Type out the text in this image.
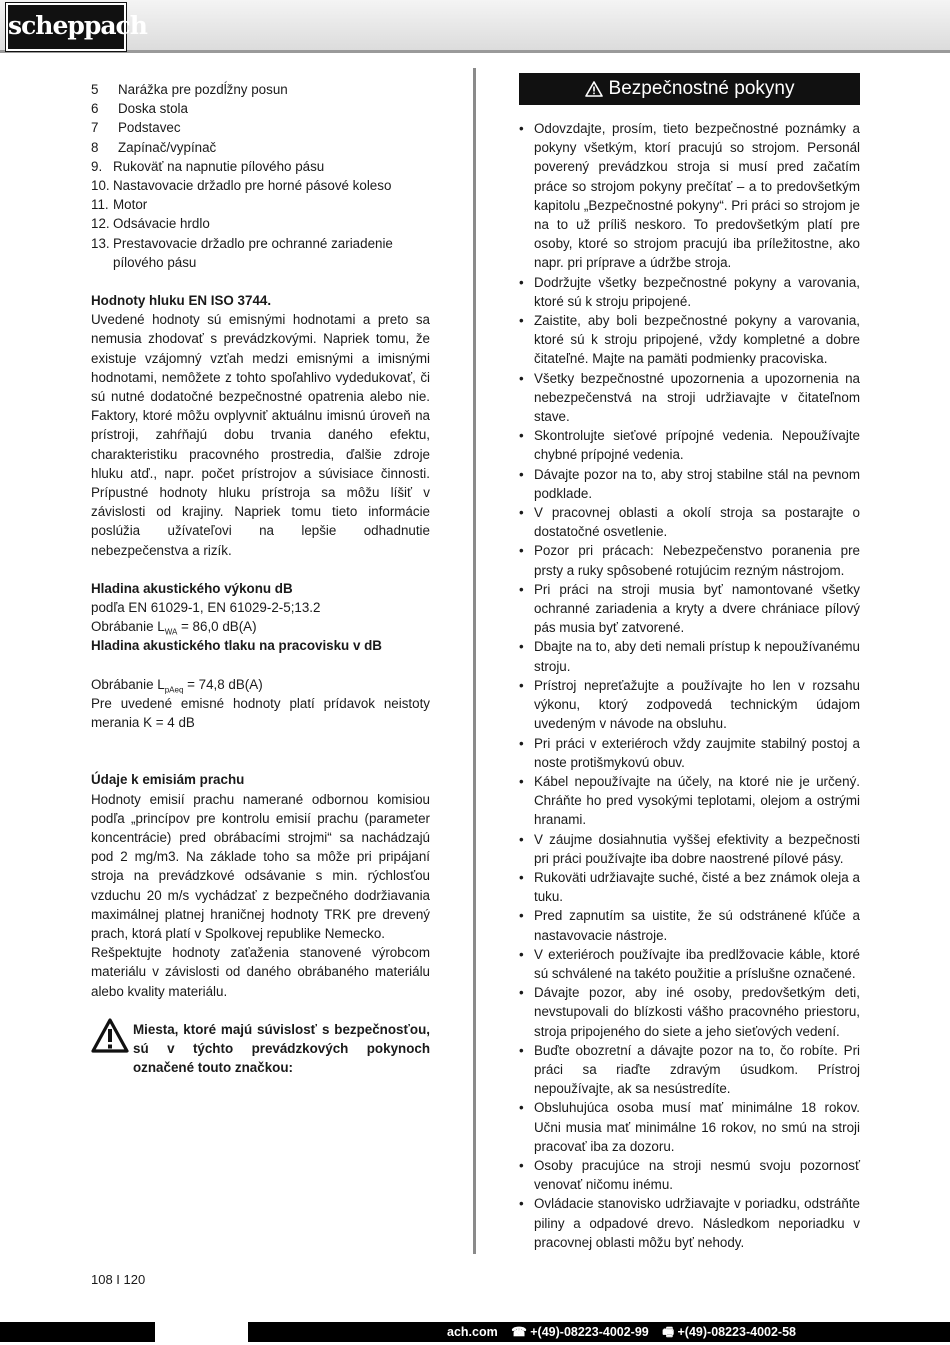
scheppach
5	Narážka pre pozdĺžny posun
6	Doska stola
7	Podstavec
8	Zapínač/vypínač
9. Rukoväť na napnutie pílového pásu
10. Nastavovacie držadlo pre horné pásové koleso
11. Motor
12. Odsávacie hrdlo
13. Prestavovacie držadlo pre ochranné zariadenie pílového pásu

Hodnoty hluku EN ISO 3744.

Uvedené hodnoty sú emisnými hodnotami a preto sa nemusia zhodovať s prevádzkovými. Napriek tomu, že existuje vzájomný vzťah medzi emisnými a imisnými hodnotami, nemôžete z tohto spoľahlivo vydedukovať, či sú nutné dodatočné bezpečnostné opatrenia alebo nie. Faktory, ktoré môžu ovplyvniť aktuálnu imisnú úroveň na prístroji, zahŕňajú dobu trvania daného efektu, charakteristiku pracovného prostredia, ďalšie zdroje hluku atď., napr. počet prístrojov a súvisiace činnosti. Prípustné hodnoty hluku prístroja sa môžu líšiť v závislosti od krajiny. Napriek tomu tieto informácie poslúžia užívateľovi na lepšie odhadnutie nebezpečenstva a rizík.

Hladina akustického výkonu dB

podľa EN 61029-1, EN 61029-2-5;13.2

Obrábanie $L_{WA} = 86,0$ dB(A)

Hladina akustického tlaku na pracovisku v dB

Obrábanie $L_{pAeq} = 74,8$ dB(A)

Pre uvedené emisné hodnoty platí prídavok neistoty merania K = 4 dB

Údaje k emisiám prachu

Hodnoty emisií prachu namerané odbornou komisiou podľa „princípov pre kontrolu emisií prachu (parameter koncentrácie) pred obrábacími strojmi“ sa nachádzajú pod 2 mg/m3. Na základe toho sa môže pri pripájaní stroja na prevádzkové odsávanie s min. rýchlosťou vzduchu 20 m/s vychádzať z bezpečného dodržiavania maximálnej platnej hraničnej hodnoty TRK pre drevený prach, ktorá platí v Spolkovej republike Nemecko.

Rešpektujte hodnoty zaťaženia stanovené výrobcom materiálu v závislosti od daného obrábaného materiálu alebo kvality materiálu.

Miesta, ktoré majú súvislosť s bezpečnosťou, sú v týchto prevádzkových pokynoch označené touto značkou:

Bezpečnostné pokyny
• Odovzdajte, prosím, tieto bezpečnostné poznámky a pokyny všetkým, ktorí pracujú so strojom. Personál poverený prevádzkou stroja si musí pred začatím práce so strojom pokyny prečítať – a to predovšetkým kapitolu „Bezpečnostné pokyny“. Pri práci so strojom je na to už príliš neskoro. To predovšetkým platí pre osoby, ktoré so strojom pracujú iba príležitostne, ako napr. pri príprave a údržbe stroja.
• Dodržujte všetky bezpečnostné pokyny a varovania, ktoré sú k stroju pripojené.
• Zaistite, aby boli bezpečnostné pokyny a varovania, ktoré sú k stroju pripojené, vždy kompletné a dobre čitateľné. Majte na pamäti podmienky pracoviska.
• Všetky bezpečnostné upozornenia a upozornenia na nebezpečenstvá na stroji udržiavajte v čitateľnom stave.
• Skontrolujte sieťové prípojné vedenia. Nepoužívajte chybné prípojné vedenia.
• Dávajte pozor na to, aby stroj stabilne stál na pevnom podklade.
• V pracovnej oblasti a okolí stroja sa postarajte o dostatočné osvetlenie.
• Pozor pri prácach: Nebezpečenstvo poranenia pre prsty a ruky spôsobené rotujúcim rezným nástrojom.
• Pri práci na stroji musia byť namontované všetky ochranné zariadenia a kryty a dvere chrániace pílový pás musia byť zatvorené.
• Dbajte na to, aby deti nemali prístup k nepoužívanému stroju.
• Prístroj nepreťažujte a používajte ho len v rozsahu výkonu, ktorý zodpovedá technickým údajom uvedeným v návode na obsluhu.
• Pri práci v exteriéroch vždy zaujmite stabilný postoj a noste protišmykovú obuv.
• Kábel nepoužívajte na účely, na ktoré nie je určený. Chráňte ho pred vysokými teplotami, olejom a ostrými hranami.
• V záujme dosiahnutia vyššej efektivity a bezpečnosti pri práci používajte iba dobre naostrené pílové pásy.
• Rukoväti udržiavajte suché, čisté a bez známok oleja a tuku.
• Pred zapnutím sa uistite, že sú odstránené kľúče a nastavovacie nástroje.
• V exteriéroch používajte iba predlžovacie káble, ktoré sú schválené na takéto použitie a príslušne označené.
• Dávajte pozor, aby iné osoby, predovšetkým deti, nevstupovali do blízkosti vášho pracovného priestoru, stroja pripojeného do siete a jeho sieťových vedení.
• Buďte obozretní a dávajte pozor na to, čo robíte. Pri práci sa riaďte zdravým úsudkom. Prístroj nepoužívajte, ak sa nesústredíte.
• Obsluhujúca osoba musí mať minimálne 18 rokov. Učni musia mať minimálne 16 rokov, no smú na stroji pracovať iba za dozoru.
• Osoby pracujúce na stroji nesmú svoju pozornosť venovať ničomu inému.
• Ovládacie stanovisko udržiavajte v poriadku, odstráňte piliny a odpadové drevo. Následkom neporiadku v pracovnej oblasti môžu byť nehody.
108 I 120
ach.com ☎ +(49)-08223-4002-99 🖷 +(49)-08223-4002-58
